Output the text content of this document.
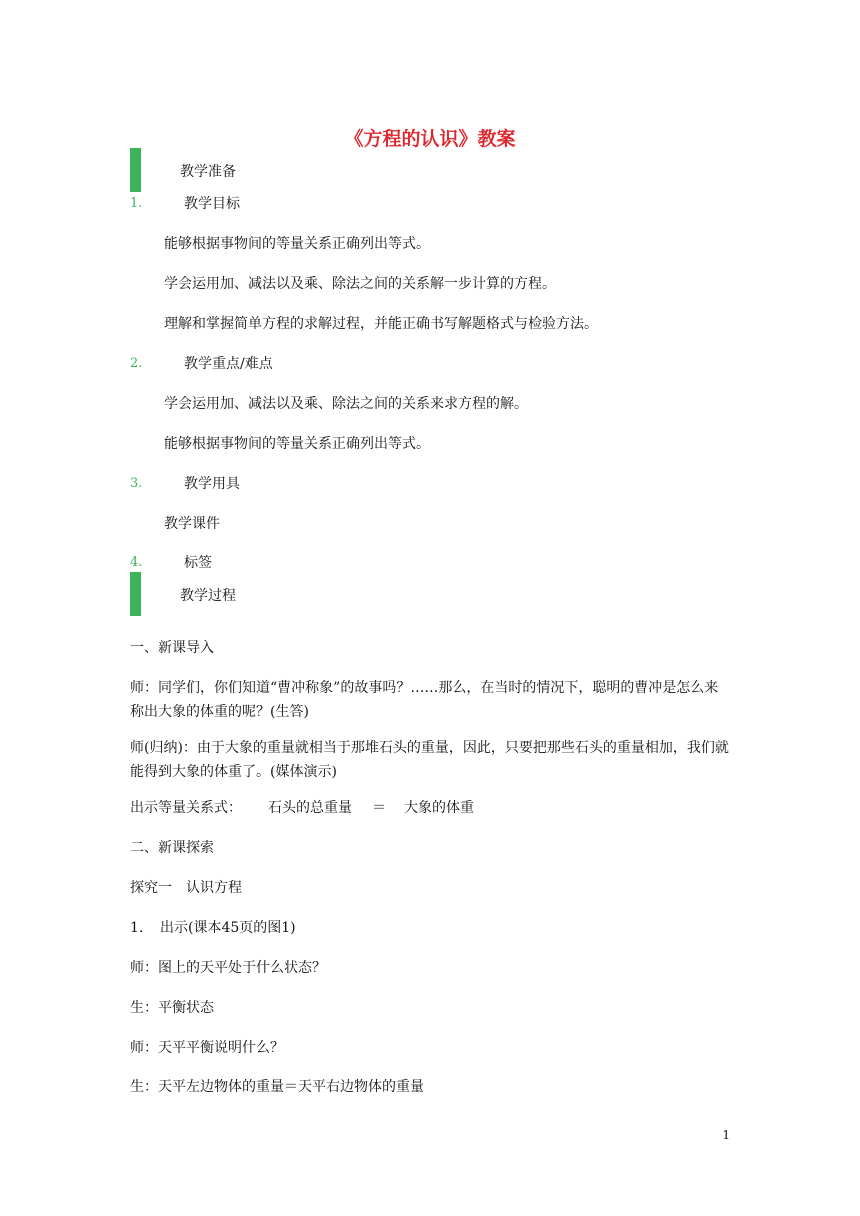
《方程的认识》教案
教学准备
1.	教学目标
能够根据事物间的等量关系正确列出等式。
学会运用加、减法以及乘、除法之间的关系解一步计算的方程。
理解和掌握简单方程的求解过程，并能正确书写解题格式与检验方法。
2.	教学重点/难点
学会运用加、减法以及乘、除法之间的关系来求方程的解。
能够根据事物间的等量关系正确列出等式。
3.	教学用具
教学课件
4.	标签
教学过程
一、新课导入
师：同学们，你们知道“曹冲称象”的故事吗？……那么，在当时的情况下，聪明的曹冲是怎么来称出大象的体重的呢？(生答)
师(归纳)：由于大象的重量就相当于那堆石头的重量，因此，只要把那些石头的重量相加，我们就能得到大象的体重了。(媒体演示)
出示等量关系式： 石头的总重量 ＝ 大象的体重
二、新课探索
探究一　认识方程
1. 出示(课本45页的图1)
师：图上的天平处于什么状态？
生：平衡状态
师：天平平衡说明什么？
生：天平左边物体的重量＝天平右边物体的重量
1
